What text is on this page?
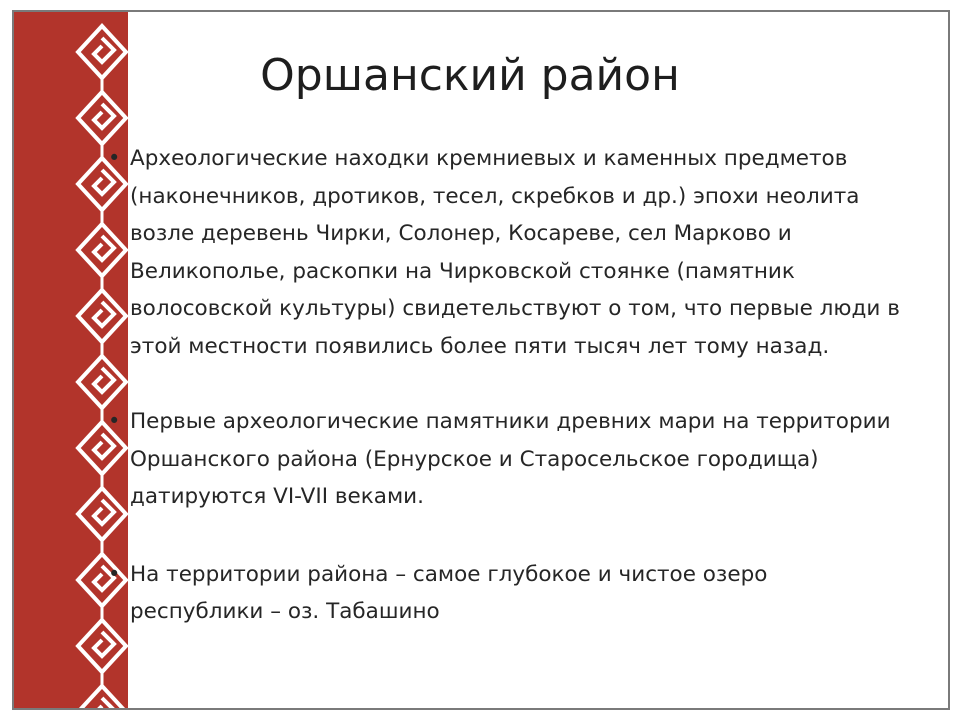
Оршанский район
• Археологические находки кремниевых и каменных предметов (наконечников, дротиков, тесел, скребков и др.) эпохи неолита возле деревень Чирки, Солонер, Косареве, сел Марково и Великополье, раскопки на Чирковской стоянке (памятник волосовской культуры) свидетельствуют о том, что первые люди в этой местности появились более пяти тысяч лет тому назад.
• Первые археологические памятники древних мари на территории Оршанского района (Ернурское и Старосельское городища) датируются VI-VII веками.
• На территории района – самое глубокое и чистое озеро республики – оз. Табашино
